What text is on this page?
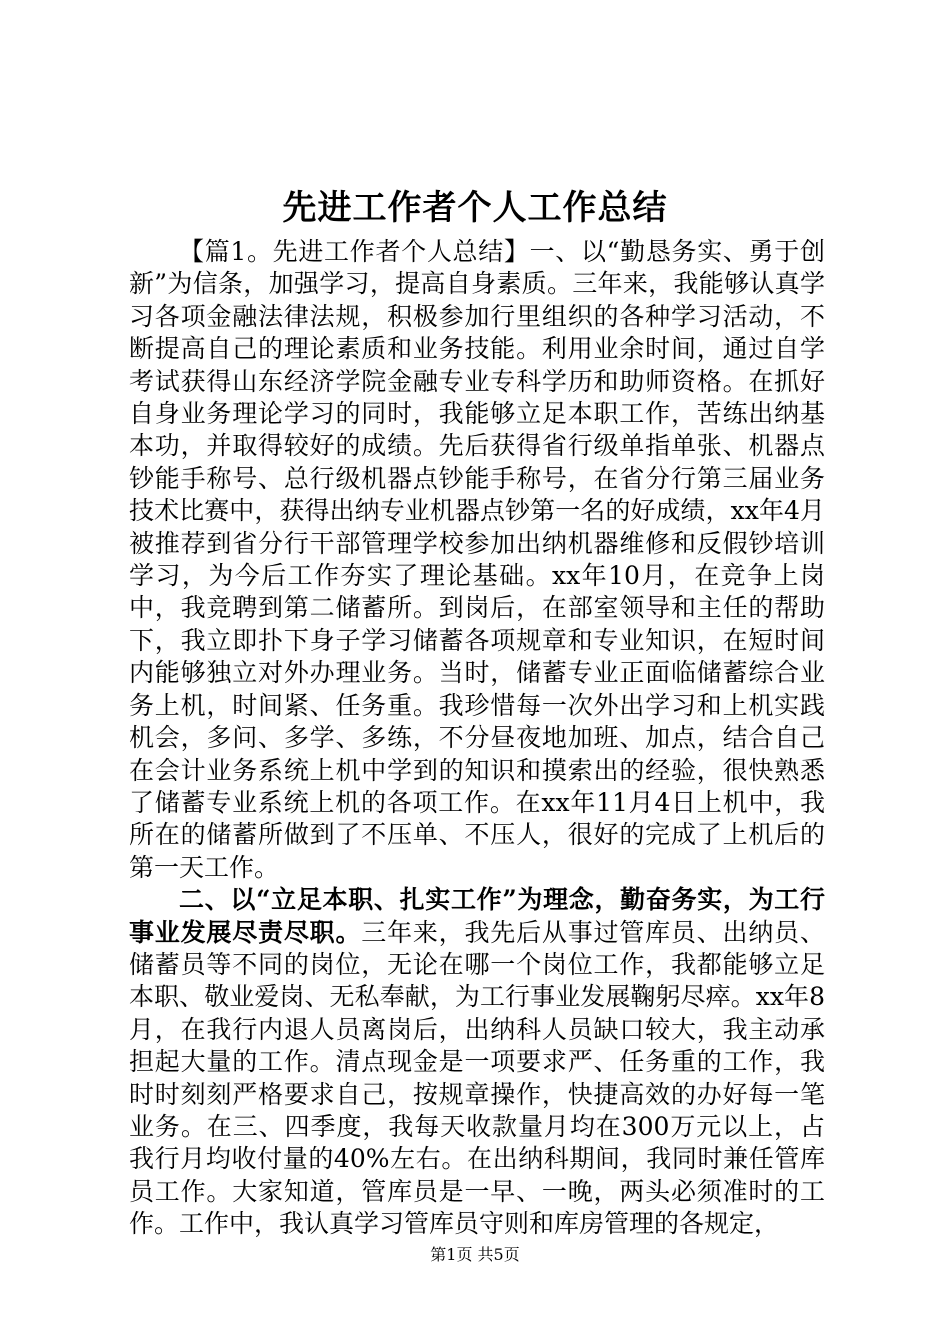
先进工作者个人工作总结

【篇1。先进工作者个人总结】一、以“勤恳务实、勇于创新”为信条，加强学习，提高自身素质。三年来，我能够认真学习各项金融法律法规，积极参加行里组织的各种学习活动，不断提高自己的理论素质和业务技能。利用业余时间，通过自学考试获得山东经济学院金融专业专科学历和助师资格。在抓好自身业务理论学习的同时，我能够立足本职工作，苦练出纳基本功，并取得较好的成绩。先后获得省行级单指单张、机器点钞能手称号、总行级机器点钞能手称号，在省分行第三届业务技术比赛中，获得出纳专业机器点钞第一名的好成绩，xx年4月被推荐到省分行干部管理学校参加出纳机器维修和反假钞培训学习，为今后工作夯实了理论基础。xx年10月，在竞争上岗中，我竞聘到第二储蓄所。到岗后，在部室领导和主任的帮助下，我立即扑下身子学习储蓄各项规章和专业知识，在短时间内能够独立对外办理业务。当时，储蓄专业正面临储蓄综合业务上机，时间紧、任务重。我珍惜每一次外出学习和上机实践机会，多问、多学、多练，不分昼夜地加班、加点，结合自己在会计业务系统上机中学到的知识和摸索出的经验，很快熟悉了储蓄专业系统上机的各项工作。在xx年11月4日上机中，我所在的储蓄所做到了不压单、不压人，很好的完成了上机后的第一天工作。

二、以“立足本职、扎实工作”为理念，勤奋务实，为工行事业发展尽责尽职。三年来，我先后从事过管库员、出纳员、储蓄员等不同的岗位，无论在哪一个岗位工作，我都能够立足本职、敬业爱岗、无私奉献，为工行事业发展鞠躬尽瘁。xx年8月，在我行内退人员离岗后，出纳科人员缺口较大，我主动承担起大量的工作。清点现金是一项要求严、任务重的工作，我时时刻刻严格要求自己，按规章操作，快捷高效的办好每一笔业务。在三、四季度，我每天收款量月均在300万元以上，占我行月均收付量的40%左右。在出纳科期间，我同时兼任管库员工作。大家知道，管库员是一早、一晚，两头必须准时的工作。工作中，我认真学习管库员守则和库房管理的各规定，

第1页 共5页
